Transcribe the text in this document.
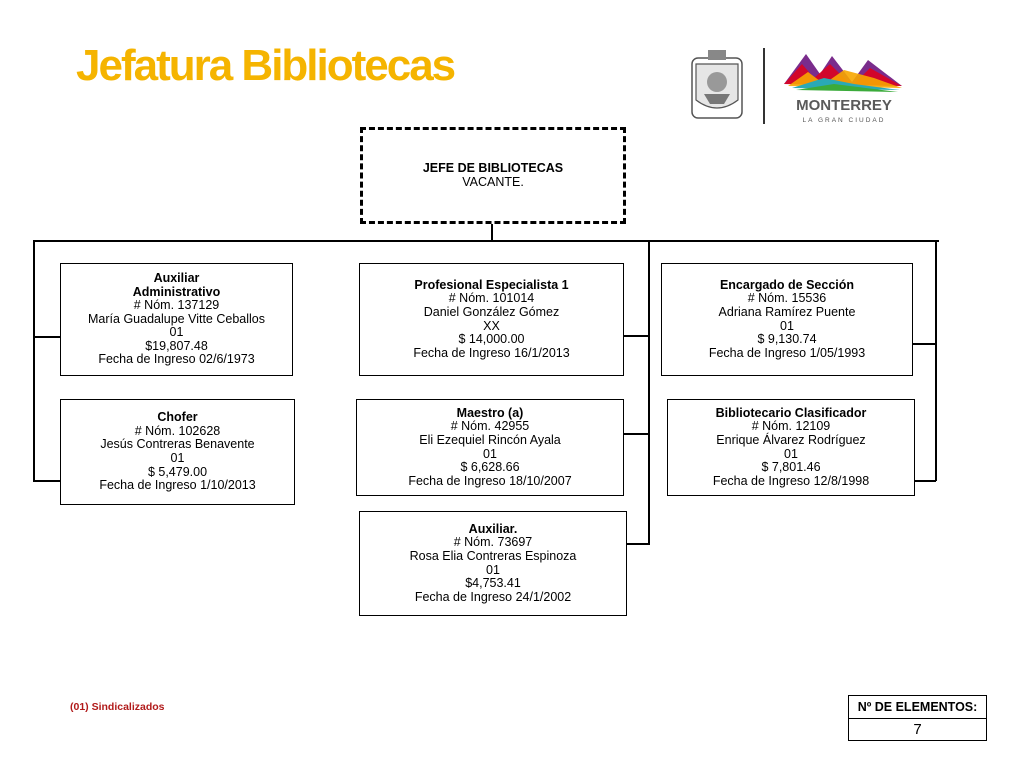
Jefatura Bibliotecas
MONTERREY
LA GRAN CIUDAD
JEFE DE BIBLIOTECAS
VACANTE.
Auxiliar Administrativo
# Nóm. 137129
María Guadalupe Vitte Ceballos
01
$19,807.48
Fecha de Ingreso 02/6/1973
Chofer
# Nóm. 102628
Jesús Contreras Benavente
01
$ 5,479.00
Fecha de Ingreso 1/10/2013
Profesional Especialista 1
# Nóm. 101014
Daniel González Gómez
XX
$ 14,000.00
Fecha de Ingreso 16/1/2013
Maestro (a)
# Nóm. 42955
Eli Ezequiel Rincón Ayala
01
$ 6,628.66
Fecha de Ingreso 18/10/2007
Auxiliar.
# Nóm. 73697
Rosa Elia Contreras Espinoza
01
$4,753.41
Fecha de Ingreso 24/1/2002
Encargado de Sección
# Nóm. 15536
Adriana Ramírez Puente
01
$ 9,130.74
Fecha de Ingreso 1/05/1993
Bibliotecario Clasificador
# Nóm. 12109
Enrique Álvarez Rodríguez
01
$ 7,801.46
Fecha de Ingreso 12/8/1998
(01) Sindicalizados	Nº DE ELEMENTOS:
7
